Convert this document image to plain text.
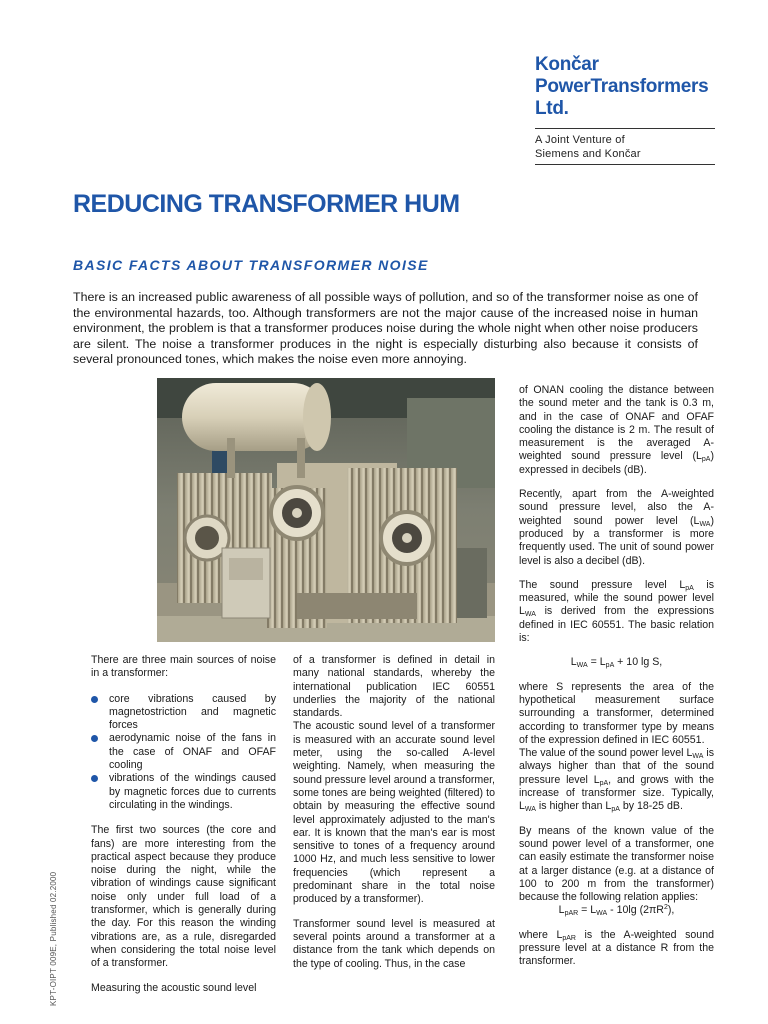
Končar
PowerTransformers
Ltd.
A Joint Venture of
Siemens and Končar
REDUCING TRANSFORMER HUM
BASIC FACTS ABOUT TRANSFORMER NOISE

There is an increased public awareness of all possible ways of pollution, and so of the transformer noise as one of the environmental hazards, too. Although transformers are not the major cause of the increased noise in human environment, the problem is that a transformer produces noise during the whole night when other noise producers are silent. The noise a transformer produces in the night is especially disturbing also because it consists of several pronounced tones, which makes the noise even more annoying.

There are three main sources of noise in a transformer:

core vibrations caused by magnetostriction and magnetic forces
aerodynamic noise of the fans in the case of ONAF and OFAF cooling
vibrations of the windings caused by magnetic forces due to currents circulating in the windings.

The first two sources (the core and fans) are more interesting from the practical aspect because they produce noise during the night, while the vibration of windings cause significant noise only under full load of a transformer, which is generally during the day. For this reason the winding vibrations are, as a rule, disregarded when considering the total noise level of a transformer.

Measuring the acoustic sound level

of a transformer is defined in detail in many national standards, whereby the international publication IEC 60551 underlies the majority of the national standards.

The acoustic sound level of a transformer is measured with an accurate sound level meter, using the so-called A-level weighting. Namely, when measuring the sound pressure level around a transformer, some tones are being weighted (filtered) to obtain by measuring the effective sound level approximately adjusted to the man's ear. It is known that the man's ear is most sensitive to tones of a frequency around 1000 Hz, and much less sensitive to lower frequencies (which represent a predominant share in the total noise produced by a transformer).

Transformer sound level is measured at several points around a transformer at a distance from the tank which depends on the type of cooling. Thus, in the case

of ONAN cooling the distance between the sound meter and the tank is 0.3 m, and in the case of ONAF and OFAF cooling the distance is 2 m. The result of measurement is the averaged A-weighted sound pressure level $(L_{pA})$ expressed in decibels (dB).

Recently, apart from the A-weighted sound pressure level, also the A-weighted sound power level $(L_{WA})$ produced by a transformer is more frequently used. The unit of sound power level is also a decibel (dB).

The sound pressure level $L_{pA}$ is measured, while the sound power level $L_{WA}$ is derived from the expressions defined in IEC 60551. The basic relation is:

$L_{WA} = L_{pA} + 10$ lg S,

where S represents the area of the hypothetical measurement surface surrounding a transformer, determined according to transformer type by means of the expression defined in IEC 60551.

The value of the sound power level $L_{WA}$ is always higher than that of the sound pressure level $L_{pA}$, and grows with the increase of transformer size. Typically, $L_{WA}$ is higher than $L_{pA}$ by 18-25 dB.

By means of the known value of the sound power level of a transformer, one can easily estimate the transformer noise at a larger distance (e.g. at a distance of 100 to 200 m from the transformer) because the following relation applies:

$L_{pAR} = L_{WA} - 10\lg$ $(2\pi R^2)$,

where $L_{pAR}$ is the A-weighted sound pressure level at a distance R from the transformer.

KPT-OIPT 009E, Published 02.2000
